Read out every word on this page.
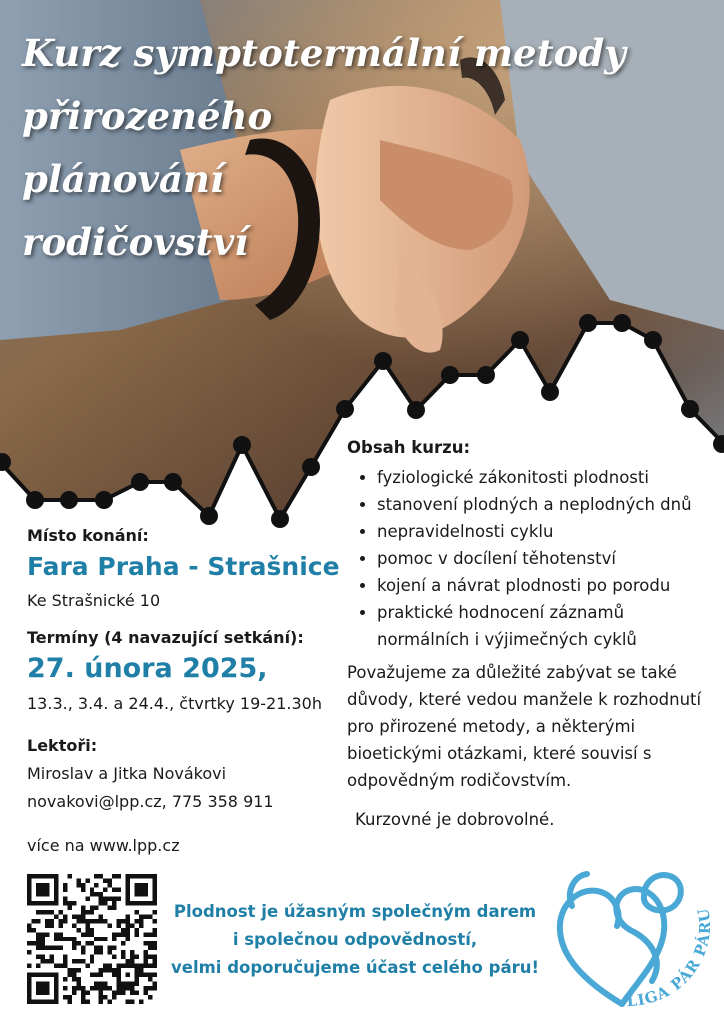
Kurz symptotermální metody
přirozeného
plánování
rodičovství
Místo konání:
Fara Praha - Strašnice
Ke Strašnické 10
Termíny (4 navazující setkání):
27. února 2025,
13.3., 3.4. a 24.4., čtvrtky 19-21.30h
Lektoři:
Miroslav a Jitka Novákovi
novakovi@lpp.cz, 775 358 911
více na www.lpp.cz
Obsah kurzu:
• fyziologické zákonitosti plodnosti
• stanovení plodných a neplodných dnů
• nepravidelnosti cyklu
• pomoc v docílení těhotenství
• kojení a návrat plodnosti po porodu
• praktické hodnocení záznamů normálních i výjimečných cyklů
Považujeme za důležité zabývat se také důvody, které vedou manžele k rozhodnutí pro přirozené metody, a některými bioetickými otázkami, které souvisí s odpovědným rodičovstvím.
Kurzovné je dobrovolné.
Plodnost je úžasným společným darem
i společnou odpovědností,
velmi doporučujeme účast celého páru!
LIGA PÁR PÁRU
